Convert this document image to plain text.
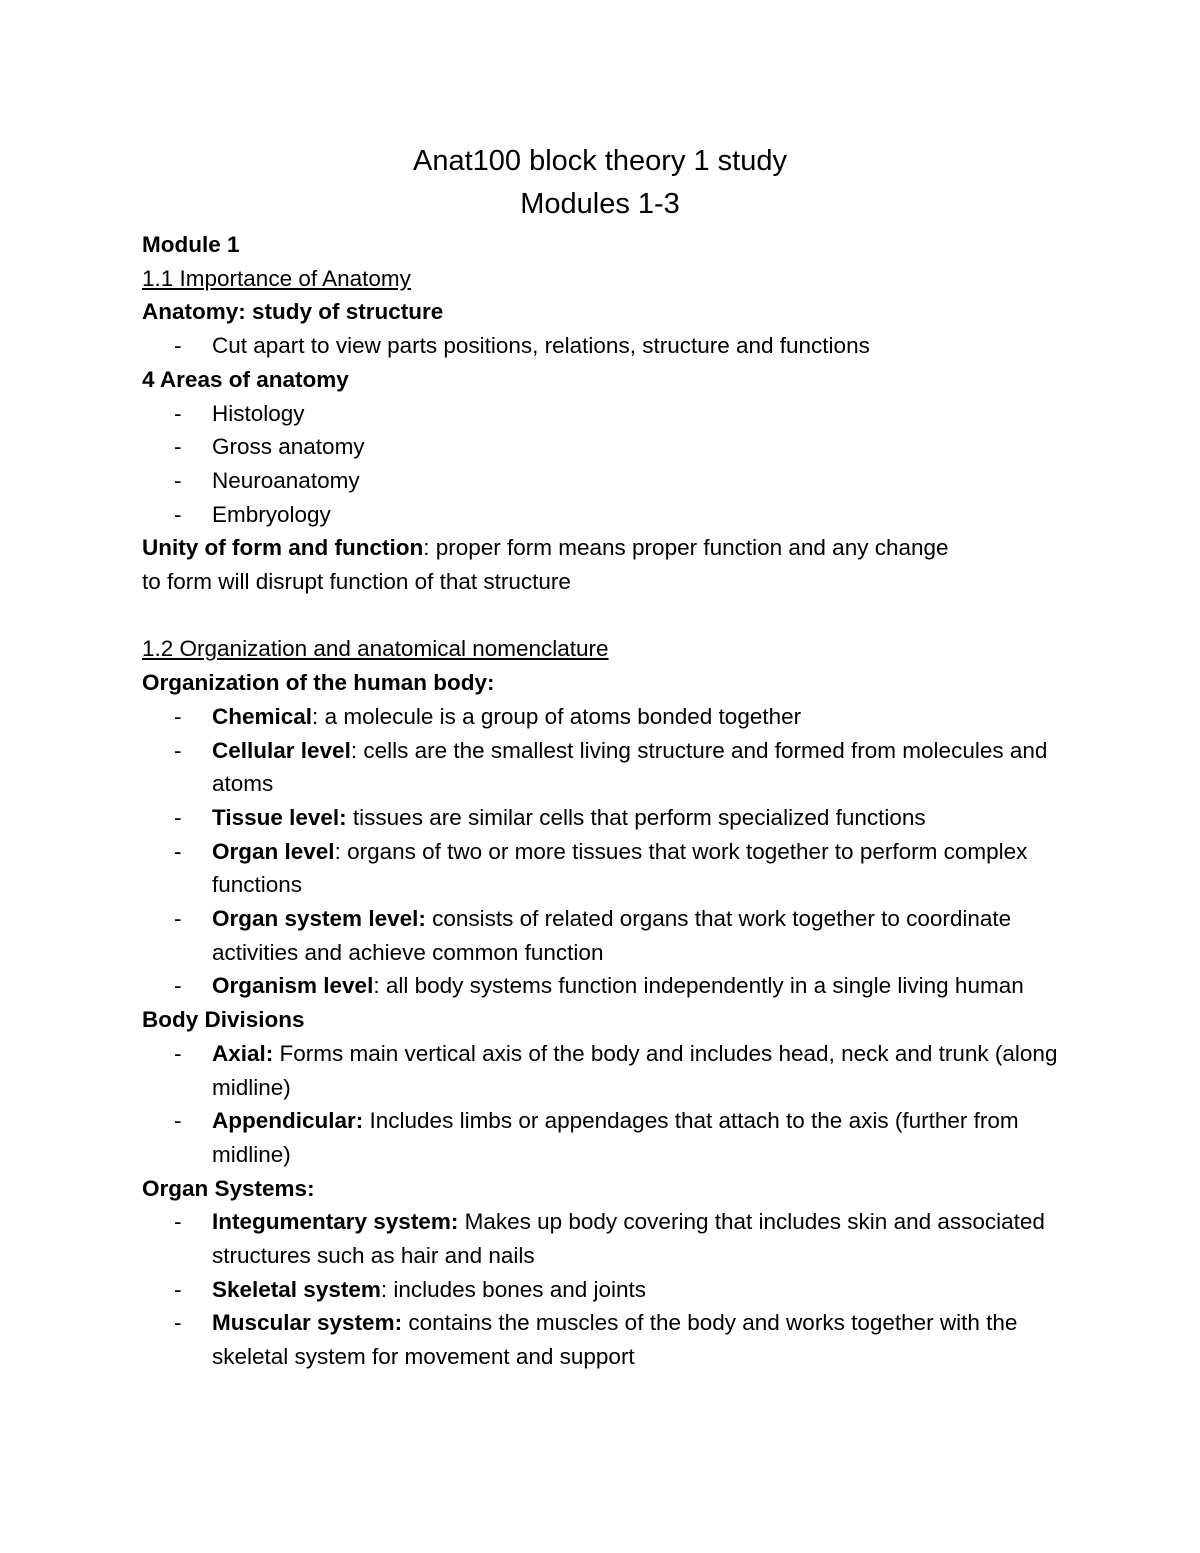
Anat100 block theory 1 study
Modules 1-3
Module 1
1.1 Importance of Anatomy
Anatomy: study of structure
- Cut apart to view parts positions, relations, structure and functions
4 Areas of anatomy
- Histology
- Gross anatomy
- Neuroanatomy
- Embryology
Unity of form and function: proper form means proper function and any change
to form will disrupt function of that structure
1.2 Organization and anatomical nomenclature
Organization of the human body:
- Chemical: a molecule is a group of atoms bonded together
- Cellular level: cells are the smallest living structure and formed from molecules and atoms
- Tissue level: tissues are similar cells that perform specialized functions
- Organ level: organs of two or more tissues that work together to perform complex functions
- Organ system level: consists of related organs that work together to coordinate activities and achieve common function
- Organism level: all body systems function independently in a single living human
Body Divisions
- Axial: Forms main vertical axis of the body and includes head, neck and trunk (along midline)
- Appendicular: Includes limbs or appendages that attach to the axis (further from midline)
Organ Systems:
- Integumentary system: Makes up body covering that includes skin and associated structures such as hair and nails
- Skeletal system: includes bones and joints
- Muscular system: contains the muscles of the body and works together with the skeletal system for movement and support
